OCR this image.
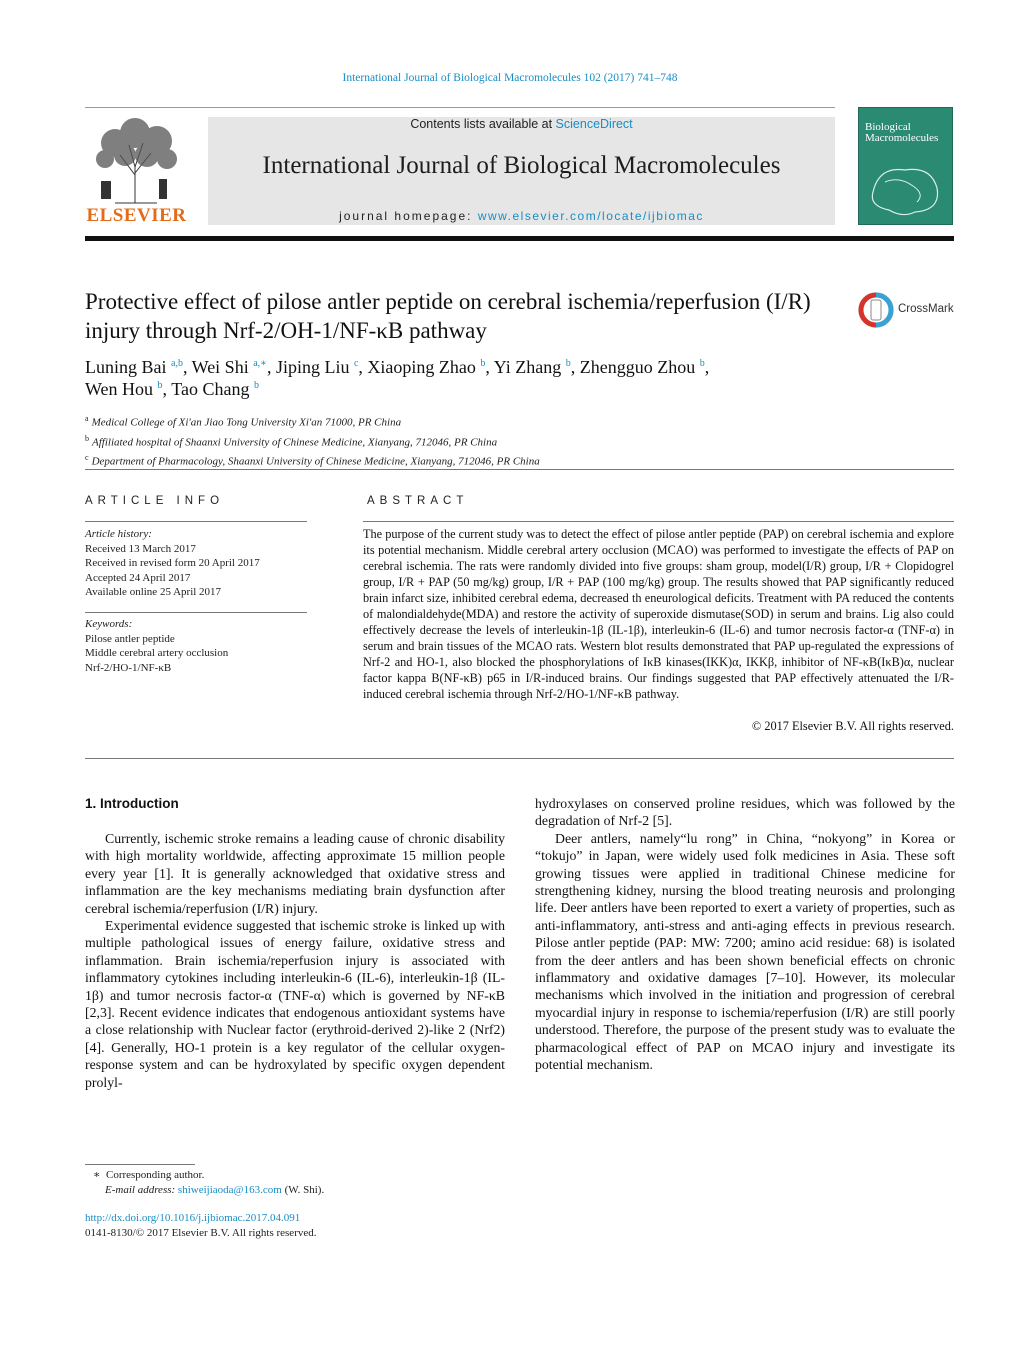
International Journal of Biological Macromolecules 102 (2017) 741–748
ELSEVIER
Contents lists available at ScienceDirect
International Journal of Biological Macromolecules
journal homepage: www.elsevier.com/locate/ijbiomac
Biological Macromolecules
Protective effect of pilose antler peptide on cerebral ischemia/reperfusion (I/R) injury through Nrf-2/OH-1/NF-κB pathway
CrossMark
Luning Bai $^{a,b}$, Wei Shi $^{a,∗}$, Jiping Liu $^c$, Xiaoping Zhao $^b$, Yi Zhang $^b$, Zhengguo Zhou $^b$,
Wen Hou $^b$, Tao Chang $^b$
$^a$ Medical College of Xi'an Jiao Tong University Xi'an 71000, PR China
$^b$ Affiliated hospital of Shaanxi University of Chinese Medicine, Xianyang, 712046, PR China
$^c$ Department of Pharmacology, Shaanxi University of Chinese Medicine, Xianyang, 712046, PR China
ARTICLE INFO
Article history:
Received 13 March 2017
Received in revised form 20 April 2017
Accepted 24 April 2017
Available online 25 April 2017
Keywords:
Pilose antler peptide
Middle cerebral artery occlusion
Nrf-2/HO-1/NF-κB
ABSTRACT
The purpose of the current study was to detect the effect of pilose antler peptide (PAP) on cerebral ischemia and explore its potential mechanism. Middle cerebral artery occlusion (MCAO) was performed to investigate the effects of PAP on cerebral ischemia. The rats were randomly divided into five groups: sham group, model(I/R) group, I/R + Clopidogrel group, I/R + PAP (50 mg/kg) group, I/R + PAP (100 mg/kg) group. The results showed that PAP significantly reduced brain infarct size, inhibited cerebral edema, decreased th eneurological deficits. Treatment with PA reduced the contents of malondialdehyde(MDA) and restore the activity of superoxide dismutase(SOD) in serum and brains. Lig also could effectively decrease the levels of interleukin-1β (IL-1β), interleukin-6 (IL-6) and tumor necrosis factor-α (TNF-α) in serum and brain tissues of the MCAO rats. Western blot results demonstrated that PAP up-regulated the expressions of Nrf-2 and HO-1, also blocked the phosphorylations of IκB kinases(IKK)α, IKKβ, inhibitor of NF-κB(IκB)α, nuclear factor kappa B(NF-κB) p65 in I/R-induced brains. Our findings suggested that PAP effectively attenuated the I/R-induced cerebral ischemia through Nrf-2/HO-1/NF-κB pathway.
© 2017 Elsevier B.V. All rights reserved.
1. Introduction

Currently, ischemic stroke remains a leading cause of chronic disability with high mortality worldwide, affecting approximate 15 million people every year [1]. It is generally acknowledged that oxidative stress and inflammation are the key mechanisms mediating brain dysfunction after cerebral ischemia/reperfusion (I/R) injury.

Experimental evidence suggested that ischemic stroke is linked up with multiple pathological issues of energy failure, oxidative stress and inflammation. Brain ischemia/reperfusion injury is associated with inflammatory cytokines including interleukin-6 (IL-6), interleukin-1β (IL-1β) and tumor necrosis factor-α (TNF-α) which is governed by NF-κB [2,3]. Recent evidence indicates that endogenous antioxidant systems have a close relationship with Nuclear factor (erythroid-derived 2)-like 2 (Nrf2) [4]. Generally, HO-1 protein is a key regulator of the cellular oxygen-response system and can be hydroxylated by specific oxygen dependent prolyl-

hydroxylases on conserved proline residues, which was followed by the degradation of Nrf-2 [5].

Deer antlers, namely“lu rong” in China, “nokyong” in Korea or “tokujo” in Japan, were widely used folk medicines in Asia. These soft growing tissues were applied in traditional Chinese medicine for strengthening kidney, nursing the blood treating neurosis and prolonging life. Deer antlers have been reported to exert a variety of properties, such as anti-inflammatory, anti-stress and anti-aging effects in previous research. Pilose antler peptide (PAP: MW: 7200; amino acid residue: 68) is isolated from the deer antlers and has been shown beneficial effects on chronic inflammatory and oxidative damages [7–10]. However, its molecular mechanisms which involved in the initiation and progression of cerebral myocardial injury in response to ischemia/reperfusion (I/R) are still poorly understood. Therefore, the purpose of the present study was to evaluate the pharmacological effect of PAP on MCAO injury and investigate its potential mechanism.

∗ Corresponding author.
E-mail address: shiweijiaoda@163.com (W. Shi).
http://dx.doi.org/10.1016/j.ijbiomac.2017.04.091
0141-8130/© 2017 Elsevier B.V. All rights reserved.
